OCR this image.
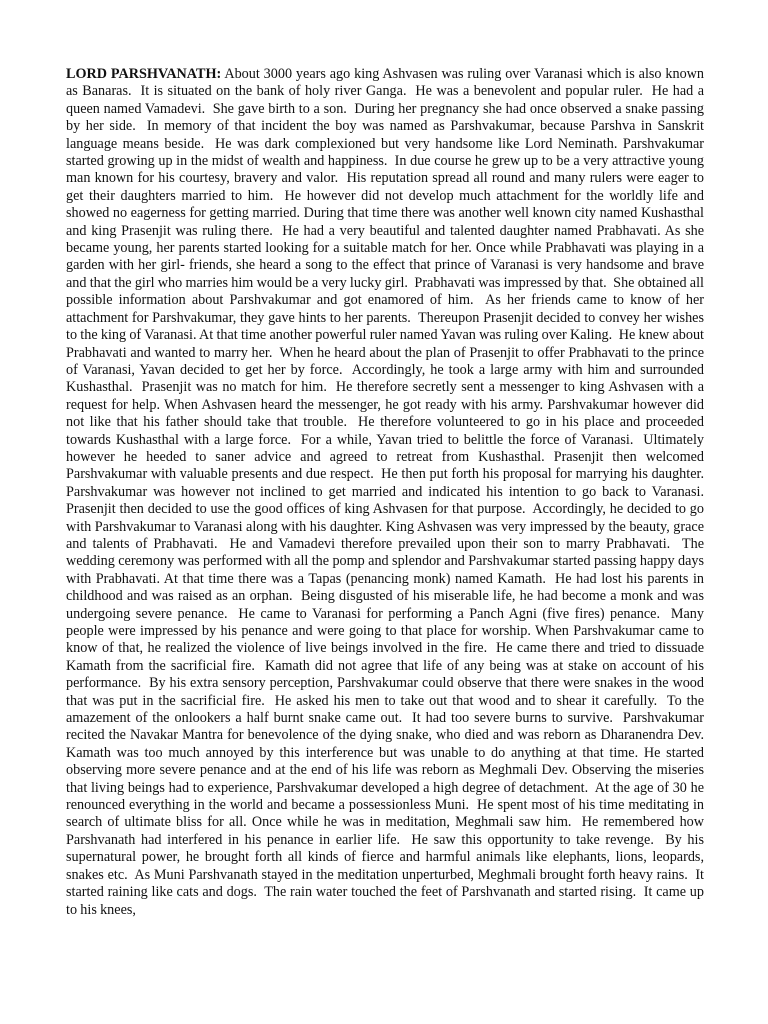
LORD PARSHVANATH: About 3000 years ago king Ashvasen was ruling over Varanasi which is also known as Banaras.  It is situated on the bank of holy river Ganga.  He was a benevolent and popular ruler.  He had a queen named Vamadevi.  She gave birth to a son.  During her pregnancy she had once observed a snake passing by her side.  In memory of that incident the boy was named as Parshvakumar, because Parshva in Sanskrit language means beside.  He was dark complexioned but very handsome like Lord Neminath. Parshvakumar started growing up in the midst of wealth and happiness.  In due course he grew up to be a very attractive young man known for his courtesy, bravery and valor.  His reputation spread all round and many rulers were eager to get their daughters married to him.  He however did not develop much attachment for the worldly life and showed no eagerness for getting married. During that time there was another well known city named Kushasthal and king Prasenjit was ruling there.  He had a very beautiful and talented daughter named Prabhavati. As she became young, her parents started looking for a suitable match for her. Once while Prabhavati was playing in a garden with her girl- friends, she heard a song to the effect that prince of Varanasi is very handsome and brave and that the girl who marries him would be a very lucky girl.  Prabhavati was impressed by that.  She obtained all possible information about Parshvakumar and got enamored of him.  As her friends came to know of her attachment for Parshvakumar, they gave hints to her parents.  Thereupon Prasenjit decided to convey her wishes to the king of Varanasi. At that time another powerful ruler named Yavan was ruling over Kaling.  He knew about Prabhavati and wanted to marry her.  When he heard about the plan of Prasenjit to offer Prabhavati to the prince of Varanasi, Yavan decided to get her by force.  Accordingly, he took a large army with him and surrounded Kushasthal.  Prasenjit was no match for him.  He therefore secretly sent a messenger to king Ashvasen with a request for help. When Ashvasen heard the messenger, he got ready with his army. Parshvakumar however did not like that his father should take that trouble.  He therefore volunteered to go in his place and proceeded towards Kushasthal with a large force.  For a while, Yavan tried to belittle the force of Varanasi.  Ultimately however he heeded to saner advice and agreed to retreat from Kushasthal. Prasenjit then welcomed Parshvakumar with valuable presents and due respect.  He then put forth his proposal for marrying his daughter.   Parshvakumar was however not inclined to get married and indicated his intention to go back to Varanasi.  Prasenjit then decided to use the good offices of king Ashvasen for that purpose.  Accordingly, he decided to go with Parshvakumar to Varanasi along with his daughter. King Ashvasen was very impressed by the beauty, grace and talents of Prabhavati.  He and Vamadevi therefore prevailed upon their son to marry Prabhavati.  The wedding ceremony was performed with all the pomp and splendor and Parshvakumar started passing happy days with Prabhavati. At that time there was a Tapas (penancing monk) named Kamath.  He had lost his parents in childhood and was raised as an orphan.  Being disgusted of his miserable life, he had become a monk and was undergoing severe penance.  He came to Varanasi for performing a Panch Agni (five fires) penance.  Many people were impressed by his penance and were going to that place for worship. When Parshvakumar came to know of that, he realized the violence of live beings involved in the fire.  He came there and tried to dissuade Kamath from the sacrificial fire.  Kamath did not agree that life of any being was at stake on account of his performance.  By his extra sensory perception, Parshvakumar could observe that there were snakes in the wood that was put in the sacrificial fire.  He asked his men to take out that wood and to shear it carefully.  To the amazement of the onlookers a half burnt snake came out.  It had too severe burns to survive.  Parshvakumar recited the Navakar Mantra for benevolence of the dying snake, who died and was reborn as Dharanendra Dev. Kamath was too much annoyed by this interference but was unable to do anything at that time. He started observing more severe penance and at the end of his life was reborn as Meghmali Dev. Observing the miseries that living beings had to experience, Parshvakumar developed a high degree of detachment.  At the age of 30 he renounced everything in the world and became a possessionless Muni.  He spent most of his time meditating in search of ultimate bliss for all. Once while he was in meditation, Meghmali saw him.  He remembered how Parshvanath had interfered in his penance in earlier life.  He saw this opportunity to take revenge.  By his supernatural power, he brought forth all kinds of fierce and harmful animals like elephants, lions, leopards, snakes etc.  As Muni Parshvanath stayed in the meditation unperturbed, Meghmali brought forth heavy rains.  It started raining like cats and dogs.  The rain water touched the feet of Parshvanath and started rising.  It came up to his knees,
